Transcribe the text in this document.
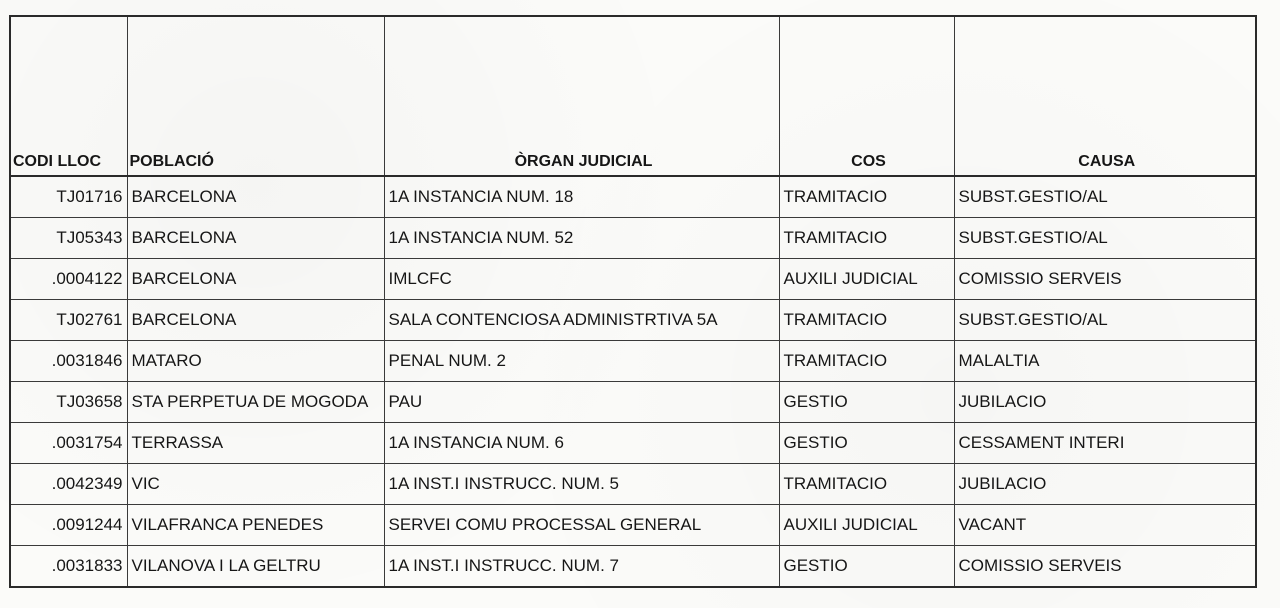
CODI LLOC	POBLACIÓ	ÒRGAN JUDICIAL	COS	CAUSA
TJ01716	BARCELONA	1A INSTANCIA NUM. 18	TRAMITACIO	SUBST.GESTIO/AL
TJ05343	BARCELONA	1A INSTANCIA NUM. 52	TRAMITACIO	SUBST.GESTIO/AL
.0004122	BARCELONA	IMLCFC	AUXILI JUDICIAL	COMISSIO SERVEIS
TJ02761	BARCELONA	SALA CONTENCIOSA ADMINISTRTIVA 5A	TRAMITACIO	SUBST.GESTIO/AL
.0031846	MATARO	PENAL NUM. 2	TRAMITACIO	MALALTIA
TJ03658	STA PERPETUA DE MOGODA	PAU	GESTIO	JUBILACIO
.0031754	TERRASSA	1A INSTANCIA NUM. 6	GESTIO	CESSAMENT INTERI
.0042349	VIC	1A INST.I INSTRUCC. NUM. 5	TRAMITACIO	JUBILACIO
.0091244	VILAFRANCA PENEDES	SERVEI COMU PROCESSAL GENERAL	AUXILI JUDICIAL	VACANT
.0031833	VILANOVA I LA GELTRU	1A INST.I INSTRUCC. NUM. 7	GESTIO	COMISSIO SERVEIS
